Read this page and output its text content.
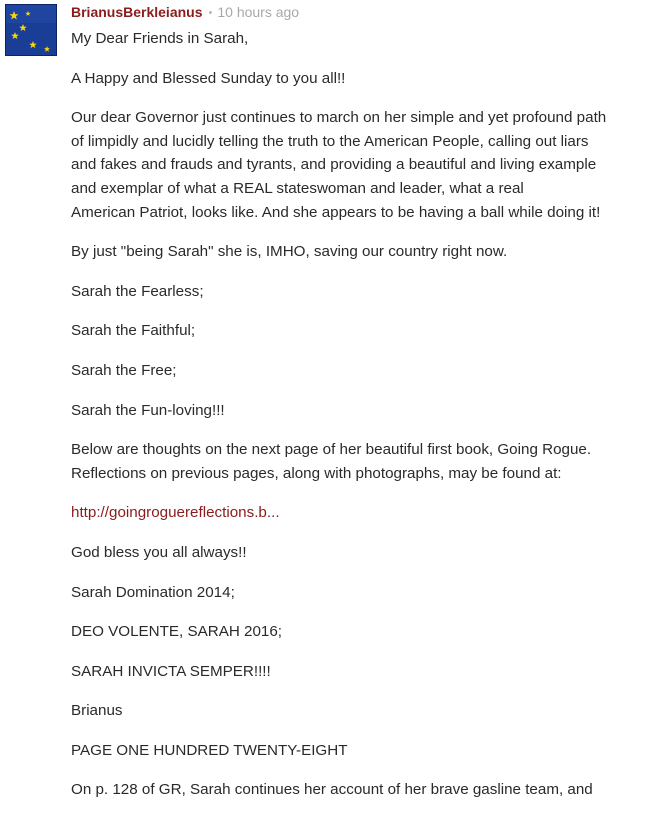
BrianusBerkleianus • 10 hours ago

My Dear Friends in Sarah,

A Happy and Blessed Sunday to you all!!

Our dear Governor just continues to march on her simple and yet profound path
of limpidly and lucidly telling the truth to the American People, calling out liars
and fakes and frauds and tyrants, and providing a beautiful and living example
and exemplar of what a REAL stateswoman and leader, what a real
American Patriot, looks like. And she appears to be having a ball while doing it!

By just "being Sarah" she is, IMHO, saving our country right now.

Sarah the Fearless;

Sarah the Faithful;

Sarah the Free;

Sarah the Fun-loving!!!

Below are thoughts on the next page of her beautiful first book, Going Rogue.
Reflections on previous pages, along with photographs, may be found at:

http://goingroguereflections.b...

God bless you all always!!

Sarah Domination 2014;

DEO VOLENTE, SARAH 2016;

SARAH INVICTA SEMPER!!!!

Brianus

PAGE ONE HUNDRED TWENTY-EIGHT

On p. 128 of GR, Sarah continues her account of her brave gasline team, and
